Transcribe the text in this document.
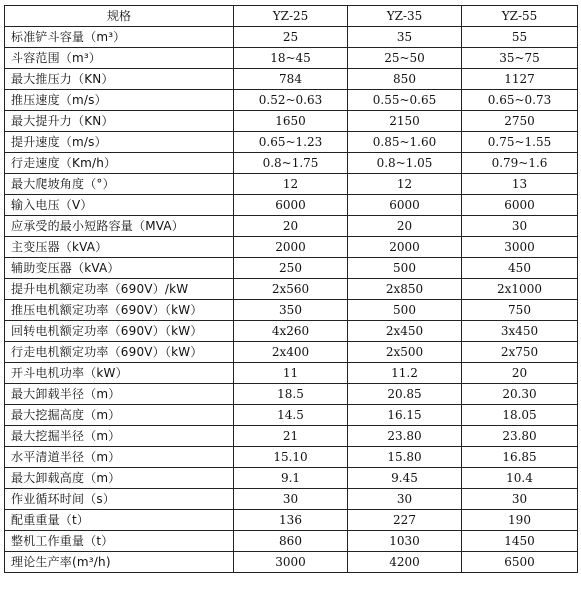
规格	YZ-25	YZ-35	YZ-55
标准铲斗容量（m³）	25	35	55
斗容范围（m³）	18~45	25~50	35~75
最大推压力（KN）	784	850	1127
推压速度（m/s）	0.52~0.63	0.55~0.65	0.65~0.73
最大提升力（KN）	1650	2150	2750
提升速度（m/s）	0.65~1.23	0.85~1.60	0.75~1.55
行走速度（Km/h）	0.8~1.75	0.8~1.05	0.79~1.6
最大爬坡角度（°）	12	12	13
输入电压（V）	6000	6000	6000
应承受的最小短路容量（MVA）	20	20	30
主变压器（kVA）	2000	2000	3000
辅助变压器（kVA）	250	500	450
提升电机额定功率（690V）/kW	2x560	2x850	2x1000
推压电机额定功率（690V）（kW）	350	500	750
回转电机额定功率（690V）（kW）	4x260	2x450	3x450
行走电机额定功率（690V）（kW）	2x400	2x500	2x750
开斗电机功率（kW）	11	11.2	20
最大卸载半径（m）	18.5	20.85	20.30
最大挖掘高度（m）	14.5	16.15	18.05
最大挖掘半径（m）	21	23.80	23.80
水平清道半径（m）	15.10	15.80	16.85
最大卸载高度（m）	9.1	9.45	10.4
作业循环时间（s）	30	30	30
配重重量（t）	136	227	190
整机工作重量（t）	860	1030	1450
理论生产率(m³/h)	3000	4200	6500
